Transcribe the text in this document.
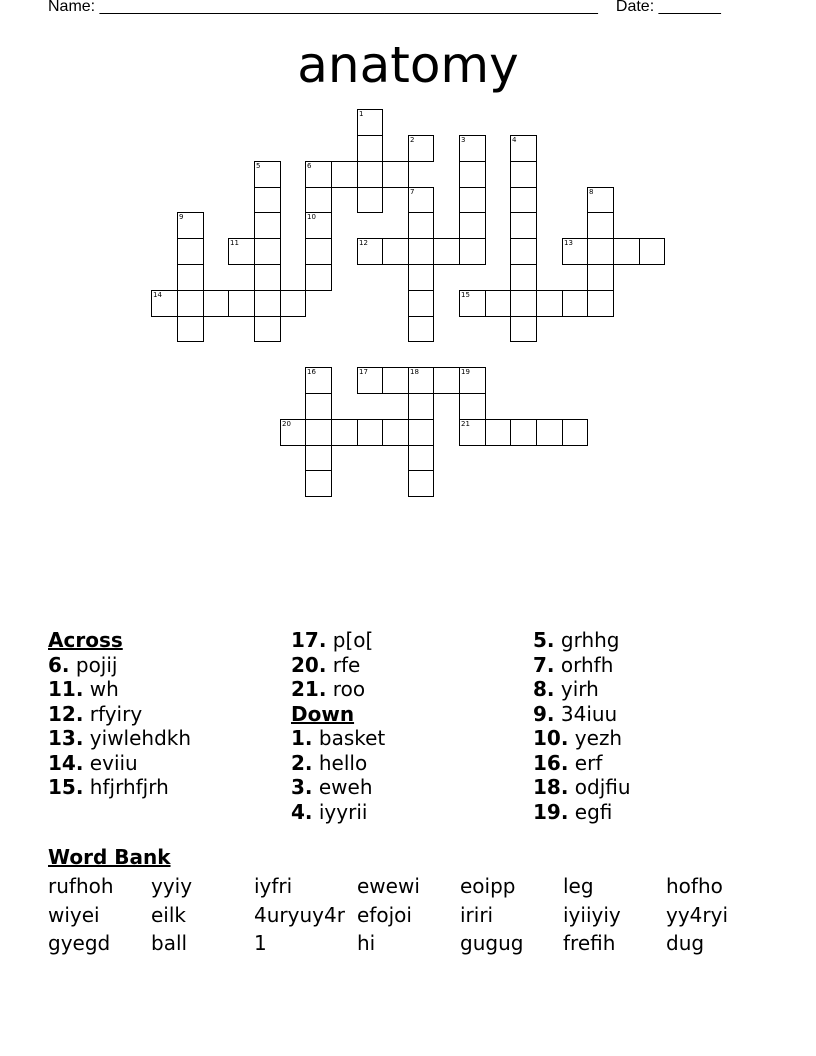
Name: ________________________________________________________ Date: _______
anatomy
1
2	3	4
5	6
7	8
9	10
11	12	13
14	15
16	17	18	19
20	21
Across
6. pojij
11. wh
12. rfyiry
13. yiwlehdkh
14. eviiu
15. hfjrhfjrh
17. p[o[
20. rfe
21. roo
Down
1. basket
2. hello
3. eweh
4. iyyrii
5. grhhg
7. orhfh
8. yirh
9. 34iuu
10. yezh
16. erf
18. odjfiu
19. egfi
Word Bank
rufhoh yyiy	iyfri	ewewi eoipp leg	hofho
wiyei	eilk	4uryuy4r efojoi iriri	iyiiyiy yy4ryi
gyegd ball	1	hi	gugug frefih	dug
